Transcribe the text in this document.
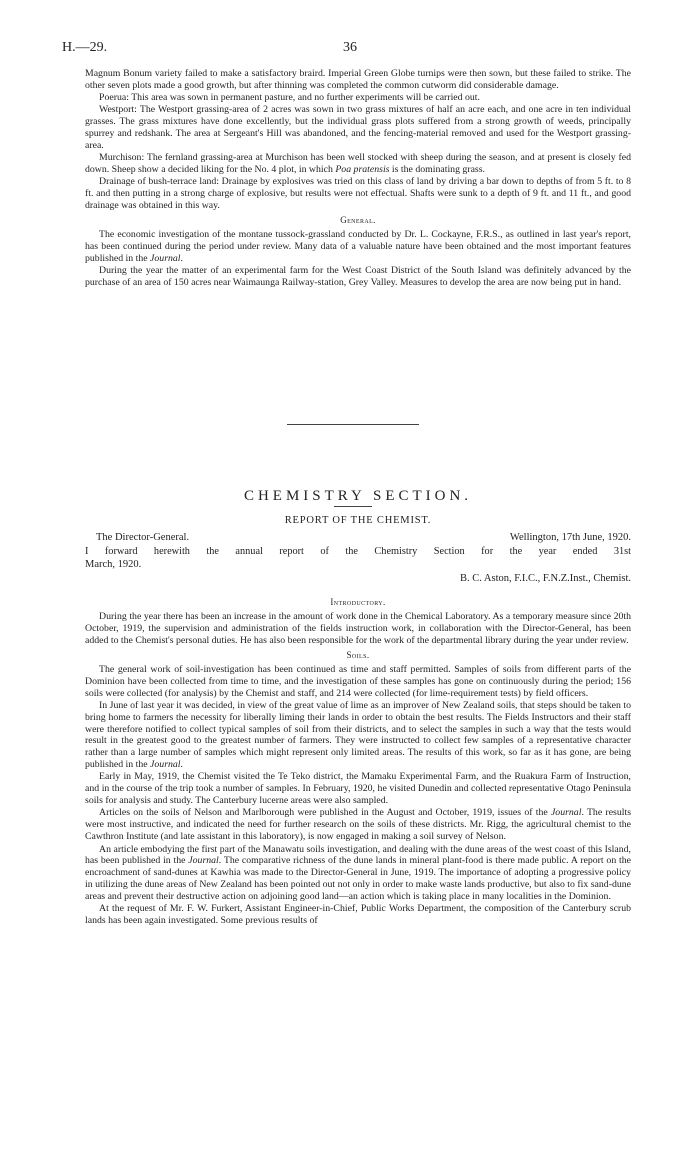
H.—29.	36

Magnum Bonum variety failed to make a satisfactory braird. Imperial Green Globe turnips were then sown, but these failed to strike. The other seven plots made a good growth, but after thinning was completed the common cutworm did considerable damage.

Poerua: This area was sown in permanent pasture, and no further experiments will be carried out.

Westport: The Westport grassing-area of 2 acres was sown in two grass mixtures of half an acre each, and one acre in ten individual grasses. The grass mixtures have done excellently, but the individual grass plots suffered from a strong growth of weeds, principally spurrey and redshank. The area at Sergeant's Hill was abandoned, and the fencing-material removed and used for the Westport grassing-area.

Murchison: The fernland grassing-area at Murchison has been well stocked with sheep during the season, and at present is closely fed down. Sheep show a decided liking for the No. 4 plot, in which Poa pratensis is the dominating grass.

Drainage of bush-terrace land: Drainage by explosives was tried on this class of land by driving a bar down to depths of from 5 ft. to 8 ft. and then putting in a strong charge of explosive, but results were not effectual. Shafts were sunk to a depth of 9 ft. and 11 ft., and good drainage was obtained in this way.

General.

The economic investigation of the montane tussock-grassland conducted by Dr. L. Cockayne, F.R.S., as outlined in last year's report, has been continued during the period under review. Many data of a valuable nature have been obtained and the most important features published in the Journal.

During the year the matter of an experimental farm for the West Coast District of the South Island was definitely advanced by the purchase of an area of 150 acres near Waimaunga Railway-station, Grey Valley. Measures to develop the area are now being put in hand.

CHEMISTRY SECTION.
REPORT OF THE CHEMIST.
The Director-General.	Wellington, 17th June, 1920.
I forward herewith the annual report of the Chemistry Section for the year ended 31st
March, 1920.
B. C. Aston, F.I.C., F.N.Z.Inst., Chemist.
Introductory.

During the year there has been an increase in the amount of work done in the Chemical Laboratory. As a temporary measure since 20th October, 1919, the supervision and administration of the fields instruction work, in collaboration with the Director-General, has been added to the Chemist's personal duties. He has also been responsible for the work of the departmental library during the year under review.

Soils.

The general work of soil-investigation has been continued as time and staff permitted. Samples of soils from different parts of the Dominion have been collected from time to time, and the investigation of these samples has gone on continuously during the period; 156 soils were collected (for analysis) by the Chemist and staff, and 214 were collected (for lime-requirement tests) by field officers.

In June of last year it was decided, in view of the great value of lime as an improver of New Zealand soils, that steps should be taken to bring home to farmers the necessity for liberally liming their lands in order to obtain the best results. The Fields Instructors and their staff were therefore notified to collect typical samples of soil from their districts, and to select the samples in such a way that the tests would result in the greatest good to the greatest number of farmers. They were instructed to collect few samples of a representative character rather than a large number of samples which might represent only limited areas. The results of this work, so far as it has gone, are being published in the Journal.

Early in May, 1919, the Chemist visited the Te Teko district, the Mamaku Experimental Farm, and the Ruakura Farm of Instruction, and in the course of the trip took a number of samples. In February, 1920, he visited Dunedin and collected representative Otago Peninsula soils for analysis and study. The Canterbury lucerne areas were also sampled.

Articles on the soils of Nelson and Marlborough were published in the August and October, 1919, issues of the Journal. The results were most instructive, and indicated the need for further research on the soils of these districts. Mr. Rigg, the agricultural chemist to the Cawthron Institute (and late assistant in this laboratory), is now engaged in making a soil survey of Nelson.

An article embodying the first part of the Manawatu soils investigation, and dealing with the dune areas of the west coast of this Island, has been published in the Journal. The comparative richness of the dune lands in mineral plant-food is there made public. A report on the encroachment of sand-dunes at Kawhia was made to the Director-General in June, 1919. The importance of adopting a progressive policy in utilizing the dune areas of New Zealand has been pointed out not only in order to make waste lands productive, but also to fix sand-dune areas and prevent their destructive action on adjoining good land—an action which is taking place in many localities in the Dominion.

At the request of Mr. F. W. Furkert, Assistant Engineer-in-Chief, Public Works Department, the composition of the Canterbury scrub lands has been again investigated. Some previous results of
